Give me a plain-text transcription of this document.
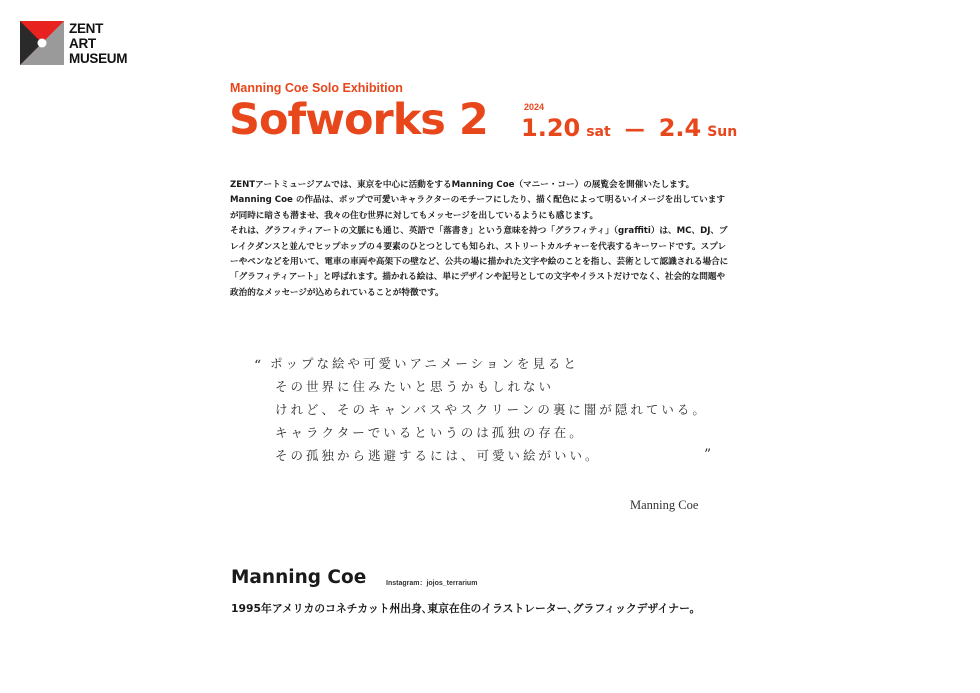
ZENT
ART
MUSEUM
Manning Coe Solo Exhibition
Sofworks 2	2024
1.20 sat — 2.4 Sun

ZENTアートミュージアムでは、東京を中心に活動をするManning Coe（マニー・コー）の展覧会を開催いたします。

Manning Coe の作品は、ポップで可愛いキャラクターのモチーフにしたり、描く配色によって明るいイメージを出していますが同時に暗さも潜ませ、我々の住む世界に対してもメッセージを出しているようにも感じます。

それは、グラフィティアートの文脈にも通じ、英語で「落書き」という意味を持つ「グラフィティ」（graffiti）は、MC、DJ、ブレイクダンスと並んでヒップホップの４要素のひとつとしても知られ、ストリートカルチャーを代表するキーワードです。スプレーやペンなどを用いて、電車の車両や高架下の壁など、公共の場に描かれた文字や絵のことを指し、芸術として認識される場合に「グラフィティアート」と呼ばれます。描かれる絵は、単にデザインや記号としての文字やイラストだけでなく、社会的な問題や政治的なメッセージが込められていることが特徴です。

“ ポップな絵や可愛いアニメーションを見ると
その世界に住みたいと思うかもしれない
けれど、そのキャンバスやスクリーンの裏に闇が隠れている。
キャラクターでいるというのは孤独の存在。
その孤独から逃避するには、可愛い絵がいい。	”
Manning Coe
Manning Coe	Instagram：jojos_terrarium
1995年アメリカのコネチカット州出身､東京在住のイラストレーター､グラフィックデザイナー。
